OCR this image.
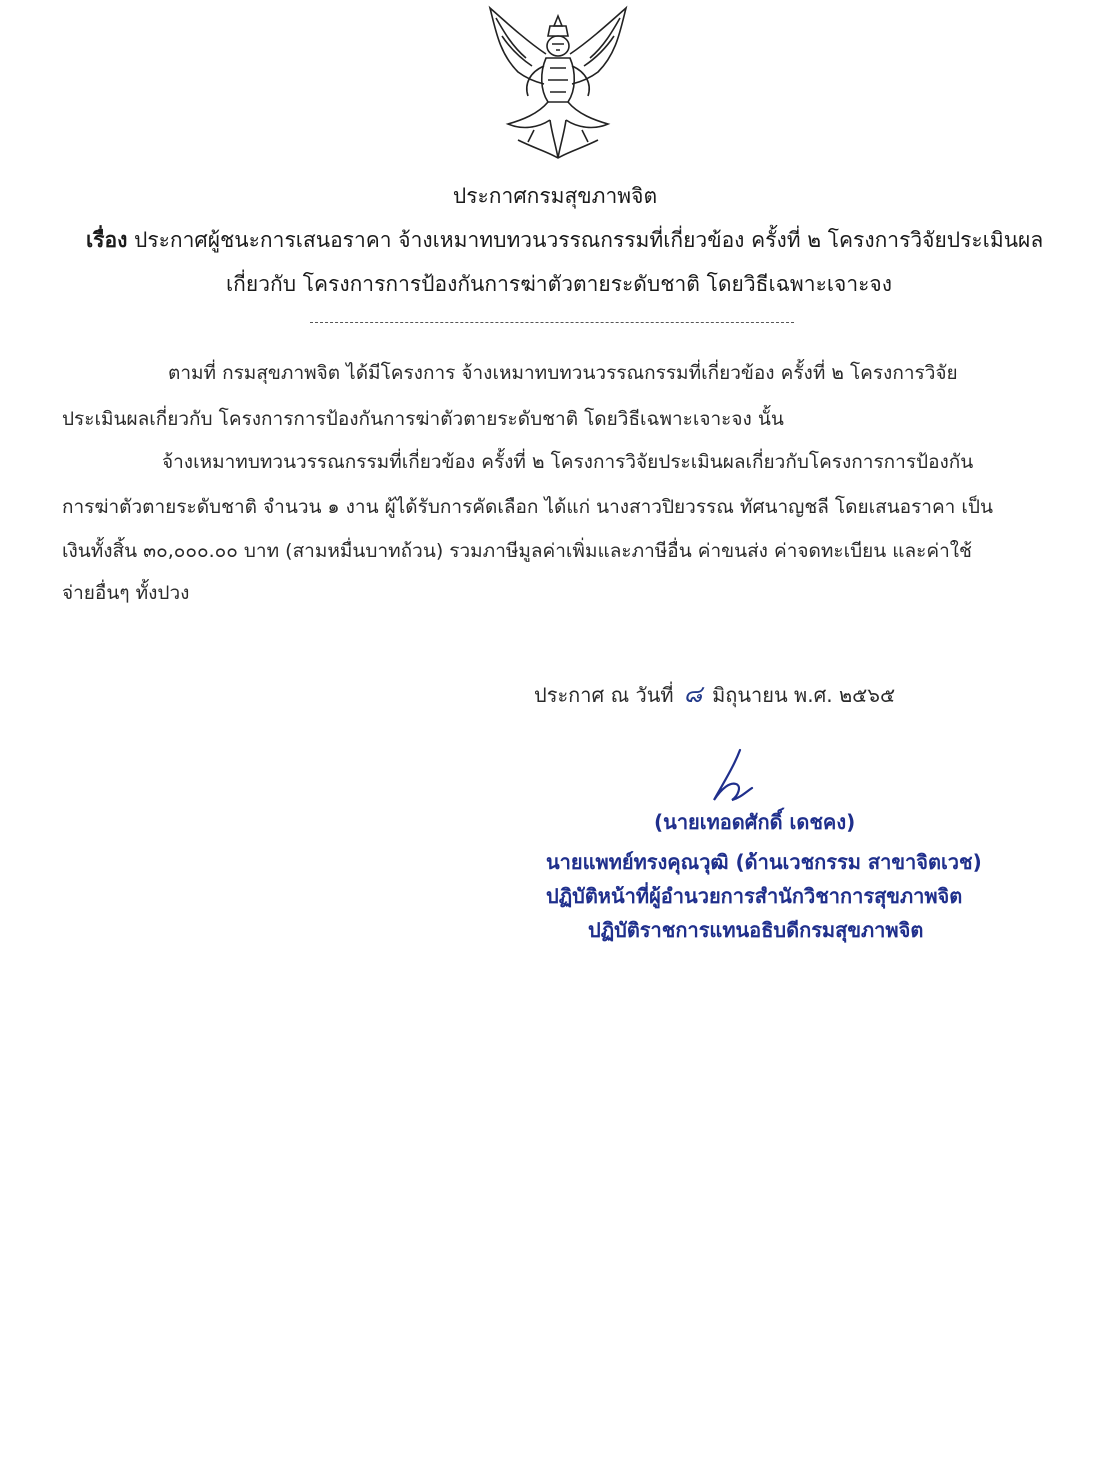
ประกาศกรมสุขภาพจิต
เรื่อง ประกาศผู้ชนะการเสนอราคา จ้างเหมาทบทวนวรรณกรรมที่เกี่ยวข้อง ครั้งที่ ๒ โครงการวิจัยประเมินผล
เกี่ยวกับ โครงการการป้องกันการฆ่าตัวตายระดับชาติ โดยวิธีเฉพาะเจาะจง
ตามที่ กรมสุขภาพจิต ได้มีโครงการ จ้างเหมาทบทวนวรรณกรรมที่เกี่ยวข้อง ครั้งที่ ๒ โครงการวิจัย
ประเมินผลเกี่ยวกับ โครงการการป้องกันการฆ่าตัวตายระดับชาติ โดยวิธีเฉพาะเจาะจง นั้น
จ้างเหมาทบทวนวรรณกรรมที่เกี่ยวข้อง ครั้งที่ ๒ โครงการวิจัยประเมินผลเกี่ยวกับโครงการการป้องกัน
การฆ่าตัวตายระดับชาติ จำนวน ๑ งาน ผู้ได้รับการคัดเลือก ได้แก่ นางสาวปิยวรรณ ทัศนาญชลี โดยเสนอราคา เป็น
เงินทั้งสิ้น ๓๐,๐๐๐.๐๐ บาท (สามหมื่นบาทถ้วน) รวมภาษีมูลค่าเพิ่มและภาษีอื่น ค่าขนส่ง ค่าจดทะเบียน และค่าใช้
จ่ายอื่นๆ ทั้งปวง
ประกาศ ณ วันที่ ๘ มิถุนายน พ.ศ. ๒๕๖๕
(นายเทอดศักดิ์ เดชคง)
นายแพทย์ทรงคุณวุฒิ (ด้านเวชกรรม สาขาจิตเวช)
ปฏิบัติหน้าที่ผู้อำนวยการสำนักวิชาการสุขภาพจิต
ปฏิบัติราชการแทนอธิบดีกรมสุขภาพจิต
